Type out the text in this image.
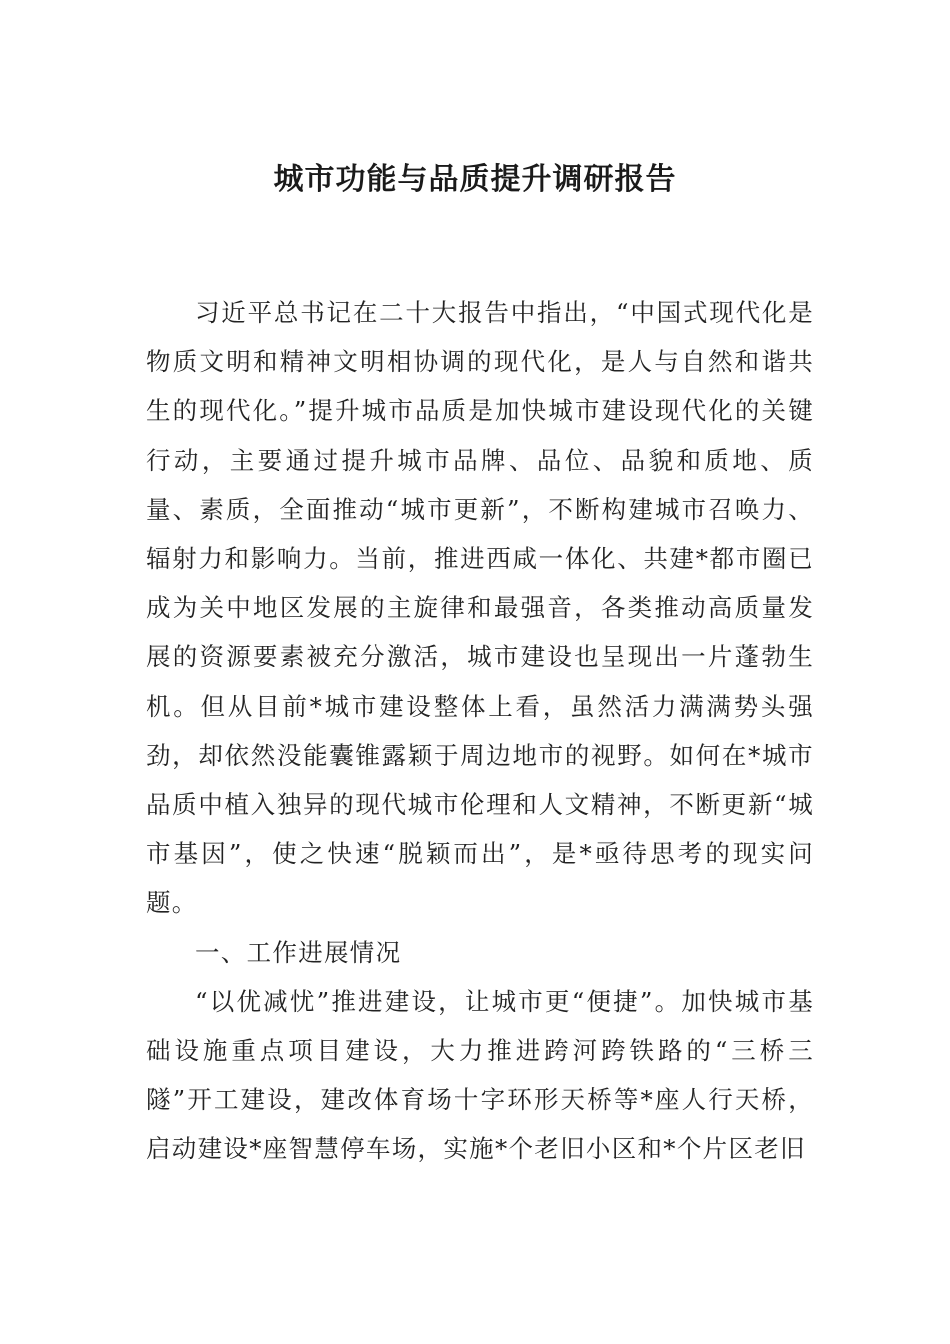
城市功能与品质提升调研报告

习近平总书记在二十大报告中指出，“中国式现代化是物质文明和精神文明相协调的现代化，是人与自然和谐共生的现代化。”提升城市品质是加快城市建设现代化的关键行动，主要通过提升城市品牌、品位、品貌和质地、质量、素质，全面推动“城市更新”，不断构建城市召唤力、辐射力和影响力。当前，推进西咸一体化、共建*都市圈已成为关中地区发展的主旋律和最强音，各类推动高质量发展的资源要素被充分激活，城市建设也呈现出一片蓬勃生机。但从目前*城市建设整体上看，虽然活力满满势头强劲，却依然没能囊锥露颖于周边地市的视野。如何在*城市品质中植入独异的现代城市伦理和人文精神，不断更新“城市基因”，使之快速“脱颖而出”，是*亟待思考的现实问题。

一、工作进展情况

“以优减忧”推进建设，让城市更“便捷”。加快城市基础设施重点项目建设，大力推进跨河跨铁路的“三桥三隧”开工建设，建改体育场十字环形天桥等*座人行天桥，启动建设*座智慧停车场，实施*个老旧小区和*个片区老旧
